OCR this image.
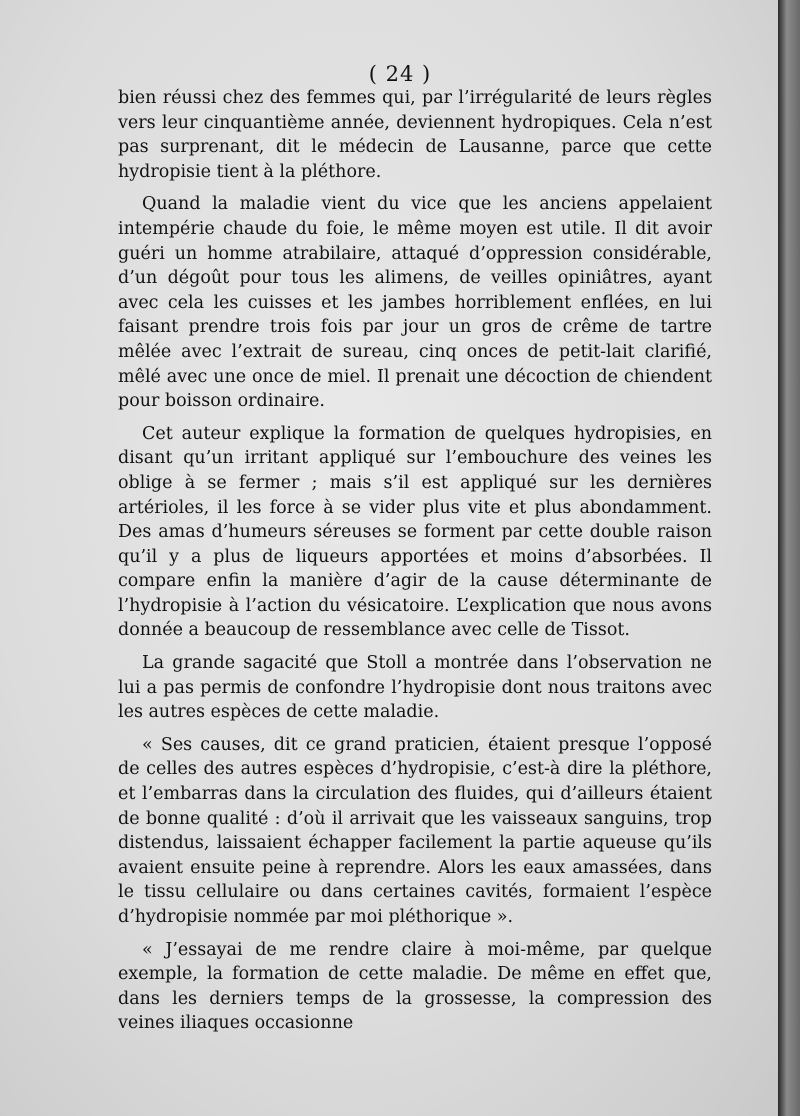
( 24 )

bien réussi chez des femmes qui, par l’irrégularité de leurs règles vers leur cinquantième année, deviennent hydropiques. Cela n’est pas surprenant, dit le médecin de Lausanne, parce que cette hydropisie tient à la pléthore.

Quand la maladie vient du vice que les anciens appelaient intempérie chaude du foie, le même moyen est utile. Il dit avoir guéri un homme atrabilaire, attaqué d’oppression considérable, d’un dégoût pour tous les alimens, de veilles opiniâtres, ayant avec cela les cuisses et les jambes horriblement enflées, en lui faisant prendre trois fois par jour un gros de crême de tartre mêlée avec l’extrait de sureau, cinq onces de petit-lait clarifié, mêlé avec une once de miel. Il prenait une décoction de chiendent pour boisson ordinaire.

Cet auteur explique la formation de quelques hydropisies, en disant qu’un irritant appliqué sur l’embouchure des veines les oblige à se fermer ; mais s’il est appliqué sur les dernières artérioles, il les force à se vider plus vite et plus abondamment. Des amas d’humeurs séreuses se forment par cette double raison qu’il y a plus de liqueurs apportées et moins d’absorbées. Il compare enfin la manière d’agir de la cause déterminante de l’hydropisie à l’action du vésicatoire. L’explication que nous avons donnée a beaucoup de ressemblance avec celle de Tissot.

La grande sagacité que Stoll a montrée dans l’observation ne lui a pas permis de confondre l’hydropisie dont nous traitons avec les autres espèces de cette maladie.

« Ses causes, dit ce grand praticien, étaient presque l’opposé de celles des autres espèces d’hydropisie, c’est-à dire la pléthore, et l’embarras dans la circulation des fluides, qui d’ailleurs étaient de bonne qualité : d’où il arrivait que les vaisseaux sanguins, trop distendus, laissaient échapper facilement la partie aqueuse qu’ils avaient ensuite peine à reprendre. Alors les eaux amassées, dans le tissu cellulaire ou dans certaines cavités, formaient l’espèce d’hydropisie nommée par moi pléthorique ».

« J’essayai de me rendre claire à moi-même, par quelque exemple, la formation de cette maladie. De même en effet que, dans les derniers temps de la grossesse, la compression des veines iliaques occasionne
